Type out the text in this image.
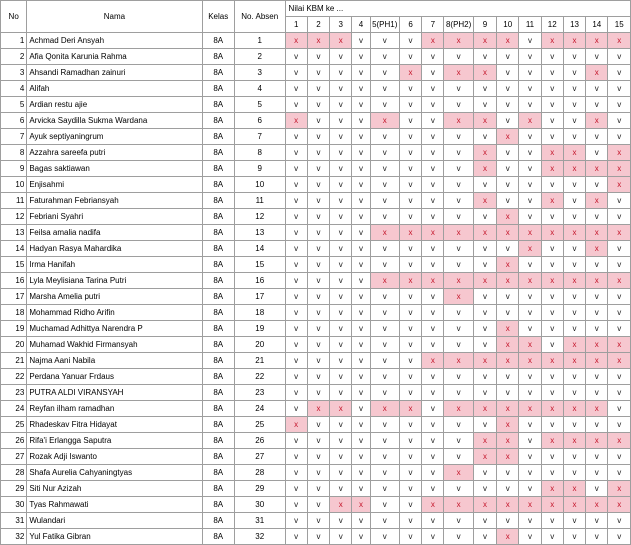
No	Nama	Kelas	No. Absen	Nilai KBM ke ...														
				1	2	3	4	5(PH1)	6	7	8(PH2)	9	10	11	12	13	14	15
1	Achmad Deri Ansyah	8A	1	x	x	x	v	v	v	x	x	x	x	v	x	x	x	x
2	Afia Qonita Karunia Rahma	8A	2	v	v	v	v	v	v	v	v	v	v	v	v	v	v	v
3	Ahsandi Ramadhan zainuri	8A	3	v	v	v	v	v	x	v	x	x	v	v	v	v	x	v
4	Alifah	8A	4	v	v	v	v	v	v	v	v	v	v	v	v	v	v	v
5	Ardian restu ajie	8A	5	v	v	v	v	v	v	v	v	v	v	v	v	v	v	v
6	Arvicka Saydilla Sukma Wardana	8A	6	x	v	v	v	x	v	v	x	x	v	x	v	v	x	v
7	Ayuk septiyaningrum	8A	7	v	v	v	v	v	v	v	v	v	x	v	v	v	v	v
8	Azzahra sareefa putri	8A	8	v	v	v	v	v	v	v	v	x	v	v	x	x	v	x
9	Bagas saktiawan	8A	9	v	v	v	v	v	v	v	v	x	v	v	x	x	x	x
10	Enjisahmi	8A	10	v	v	v	v	v	v	v	v	v	v	v	v	v	v	x
11	Faturahman Febriansyah	8A	11	v	v	v	v	v	v	v	v	x	v	v	x	v	x	v
12	Febriani Syahri	8A	12	v	v	v	v	v	v	v	v	v	x	v	v	v	v	v
13	Feilsa amalia nadifa	8A	13	v	v	v	v	x	x	x	x	x	x	x	x	x	x	x
14	Hadyan Rasya Mahardika	8A	14	v	v	v	v	v	v	v	v	v	v	x	v	v	x	v
15	Irma Hanifah	8A	15	v	v	v	v	v	v	v	v	v	x	v	v	v	v	v
16	Lyla Meylisiana Tarina Putri	8A	16	v	v	v	v	x	x	x	x	x	x	x	x	x	x	x
17	Marsha Amelia putri	8A	17	v	v	v	v	v	v	v	x	v	v	v	v	v	v	v
18	Mohammad Ridho Arifin	8A	18	v	v	v	v	v	v	v	v	v	v	v	v	v	v	v
19	Muchamad Adhittya Narendra P	8A	19	v	v	v	v	v	v	v	v	v	x	v	v	v	v	v
20	Muhamad Wakhid Firmansyah	8A	20	v	v	v	v	v	v	v	v	v	x	x	v	x	x	x
21	Najma Aani Nabila	8A	21	v	v	v	v	v	v	x	x	x	x	x	x	x	x	x
22	Perdana Yanuar Frdaus	8A	22	v	v	v	v	v	v	v	v	v	v	v	v	v	v	v
23	PUTRA ALDI VIRANSYAH	8A	23	v	v	v	v	v	v	v	v	v	v	v	v	v	v	v
24	Reyfan ilham ramadhan	8A	24	v	x	x	v	x	x	v	x	x	x	x	x	x	x	v
25	Rhadeskav Fitra Hidayat	8A	25	x	v	v	v	v	v	v	v	v	x	v	v	v	v	v
26	Rifa'i Erlangga Saputra	8A	26	v	v	v	v	v	v	v	v	x	x	v	x	x	x	x
27	Rozak Adji Iswanto	8A	27	v	v	v	v	v	v	v	v	x	x	v	v	v	v	v
28	Shafa Aurelia Cahyaningtyas	8A	28	v	v	v	v	v	v	v	x	v	v	v	v	v	v	v
29	Siti Nur Azizah	8A	29	v	v	v	v	v	v	v	v	v	v	v	x	x	v	x
30	Tyas Rahmawati	8A	30	v	v	x	x	v	v	x	x	x	x	x	x	x	x	x
31	Wulandari	8A	31	v	v	v	v	v	v	v	v	v	v	v	v	v	v	v
32	Yul Fatika Gibran	8A	32	v	v	v	v	v	v	v	v	v	x	v	v	v	v	v
